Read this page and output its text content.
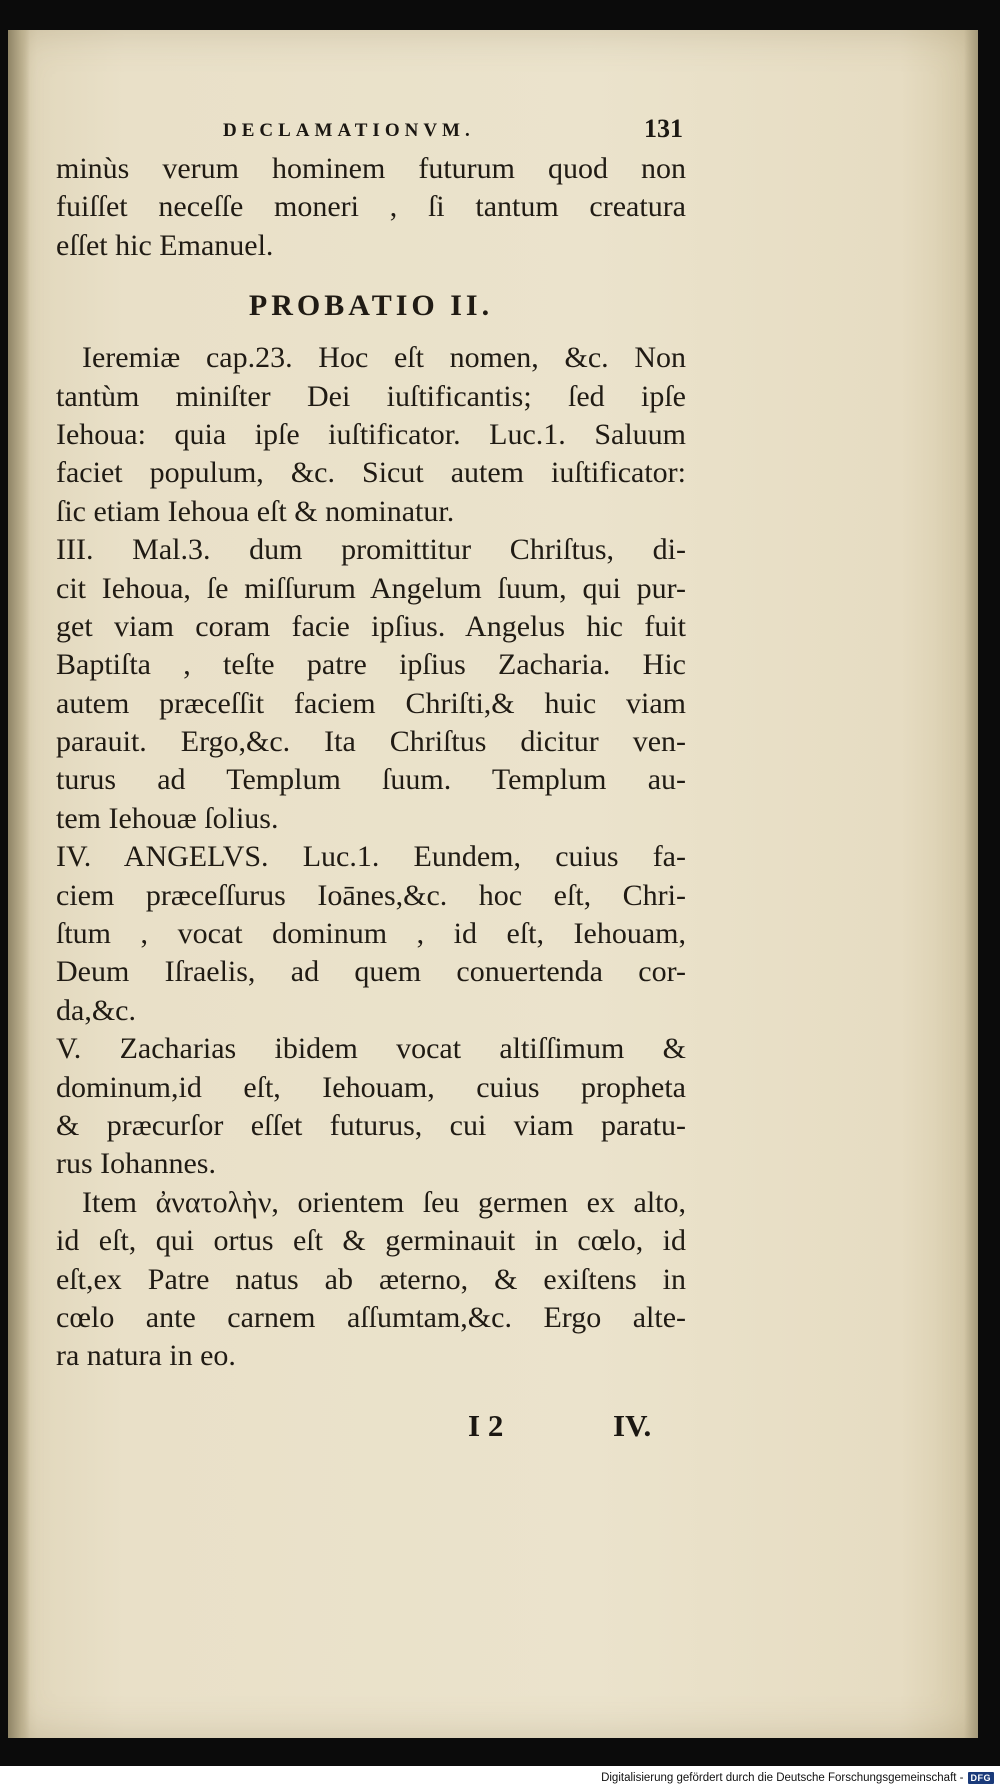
DECLAMATIONVM.	131
minùs verum hominem futurum quod non
fuiſſet neceſſe moneri , ſi tantum creatura
eſſet hic Emanuel.
PROBATIO II.
Ieremiæ cap.23. Hoc eſt nomen, &c. Non
tantùm miniſter Dei iuſtificantis; ſed ipſe
Iehoua: quia ipſe iuſtificator. Luc.1. Saluum
faciet populum, &c. Sicut autem iuſtificator:
ſic etiam Iehoua eſt & nominatur.
III. Mal.3. dum promittitur Chriſtus, di-
cit Iehoua, ſe miſſurum Angelum ſuum, qui pur-
get viam coram facie ipſius. Angelus hic fuit
Baptiſta , teſte patre ipſius Zacharia. Hic
autem præceſſit faciem Chriſti,& huic viam
parauit. Ergo,&c. Ita Chriſtus dicitur ven-
turus ad Templum ſuum. Templum au-
tem Iehouæ ſolius.
IV. ANGELVS. Luc.1. Eundem, cuius fa-
ciem præceſſurus Ioānes,&c. hoc eſt, Chri-
ſtum , vocat dominum , id eſt, Iehouam,
Deum Iſraelis, ad quem conuertenda cor-
da,&c.
V. Zacharias ibidem vocat altiſſimum &
dominum,id eſt, Iehouam, cuius propheta
& præcurſor eſſet futurus, cui viam paratu-
rus Iohannes.
Item ἀνατολὴν, orientem ſeu germen ex alto,
id eſt, qui ortus eſt & germinauit in cœlo, id
eſt,ex Patre natus ab æterno, & exiſtens in
cœlo ante carnem aſſumtam,&c. Ergo alte-
ra natura in eo.
I 2	IV.
Digitalisierung gefördert durch die Deutsche Forschungsgemeinschaft - DFG
